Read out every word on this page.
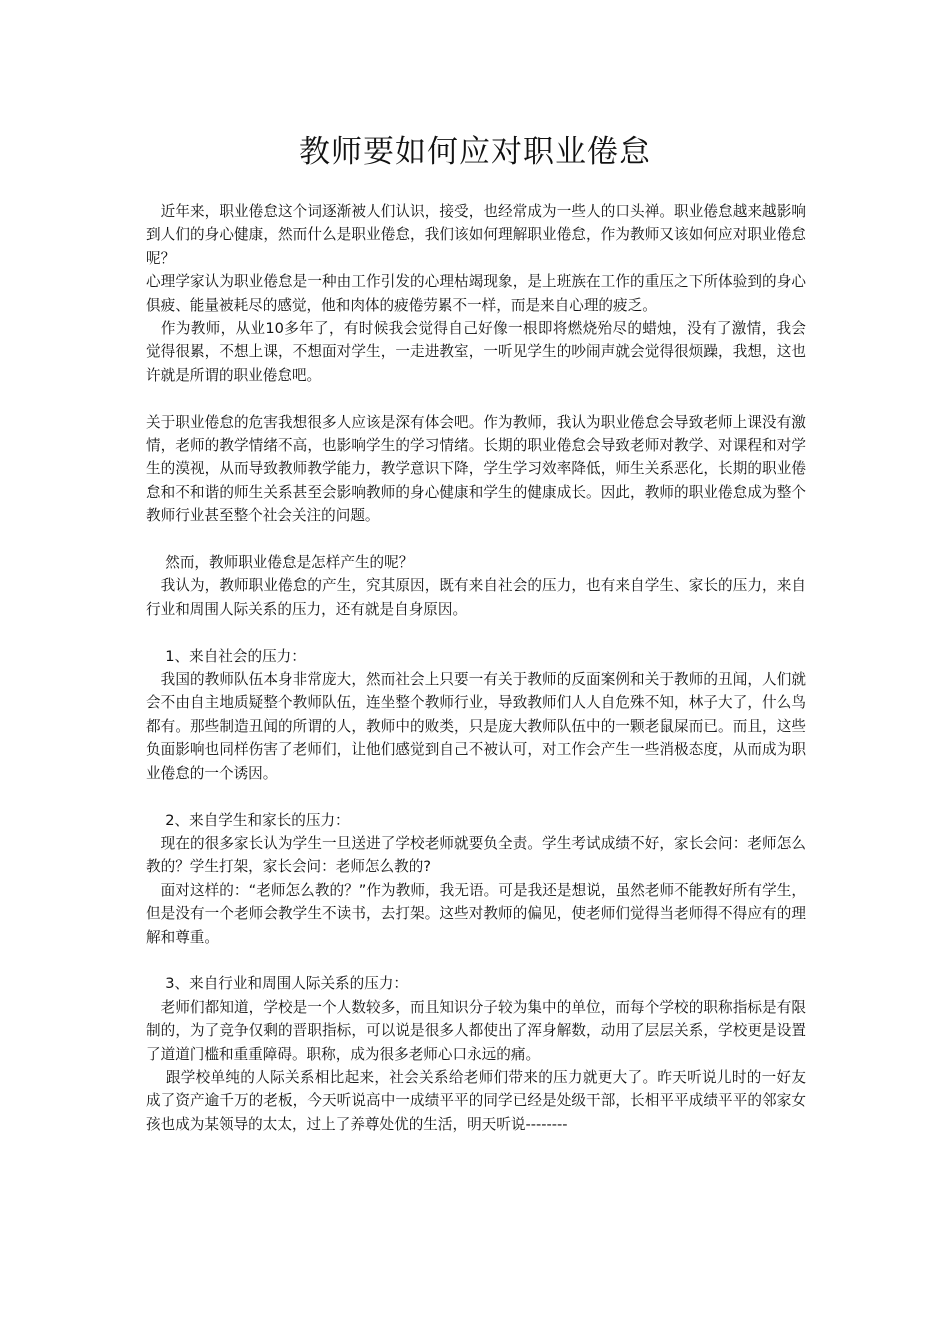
教师要如何应对职业倦怠

　近年来，职业倦怠这个词逐渐被人们认识，接受，也经常成为一些人的口头禅。职业倦怠越来越影响到人们的身心健康，然而什么是职业倦怠，我们该如何理解职业倦怠，作为教师又该如何应对职业倦怠呢？

心理学家认为职业倦怠是一种由工作引发的心理枯竭现象，是上班族在工作的重压之下所体验到的身心俱疲、能量被耗尽的感觉，他和肉体的疲倦劳累不一样，而是来自心理的疲乏。

　作为教师，从业10多年了，有时候我会觉得自己好像一根即将燃烧殆尽的蜡烛，没有了激情，我会觉得很累，不想上课，不想面对学生，一走进教室，一听见学生的吵闹声就会觉得很烦躁，我想，这也许就是所谓的职业倦怠吧。

关于职业倦怠的危害我想很多人应该是深有体会吧。作为教师，我认为职业倦怠会导致老师上课没有激情，老师的教学情绪不高，也影响学生的学习情绪。长期的职业倦怠会导致老师对教学、对课程和对学生的漠视，从而导致教师教学能力，教学意识下降，学生学习效率降低，师生关系恶化，长期的职业倦怠和不和谐的师生关系甚至会影响教师的身心健康和学生的健康成长。因此，教师的职业倦怠成为整个教师行业甚至整个社会关注的问题。

　 然而，教师职业倦怠是怎样产生的呢？

　我认为，教师职业倦怠的产生，究其原因，既有来自社会的压力，也有来自学生、家长的压力，来自行业和周围人际关系的压力，还有就是自身原因。

　 1、来自社会的压力：

　我国的教师队伍本身非常庞大，然而社会上只要一有关于教师的反面案例和关于教师的丑闻，人们就会不由自主地质疑整个教师队伍，连坐整个教师行业，导致教师们人人自危殊不知，林子大了，什么鸟都有。那些制造丑闻的所谓的人，教师中的败类，只是庞大教师队伍中的一颗老鼠屎而已。而且，这些负面影响也同样伤害了老师们，让他们感觉到自己不被认可，对工作会产生一些消极态度，从而成为职业倦怠的一个诱因。

　 2、来自学生和家长的压力：

　现在的很多家长认为学生一旦送进了学校老师就要负全责。学生考试成绩不好，家长会问：老师怎么教的？学生打架，家长会问：老师怎么教的?

　面对这样的：“老师怎么教的？”作为教师，我无语。可是我还是想说，虽然老师不能教好所有学生，但是没有一个老师会教学生不读书，去打架。这些对教师的偏见，使老师们觉得当老师得不得应有的理解和尊重。

　 3、来自行业和周围人际关系的压力：

　老师们都知道，学校是一个人数较多，而且知识分子较为集中的单位，而每个学校的职称指标是有限制的，为了竞争仅剩的晋职指标，可以说是很多人都使出了浑身解数，动用了层层关系，学校更是设置了道道门槛和重重障碍。职称，成为很多老师心口永远的痛。

　 跟学校单纯的人际关系相比起来，社会关系给老师们带来的压力就更大了。昨天听说儿时的一好友成了资产逾千万的老板，今天听说高中一成绩平平的同学已经是处级干部，长相平平成绩平平的邻家女孩也成为某领导的太太，过上了养尊处优的生活，明天听说--------
